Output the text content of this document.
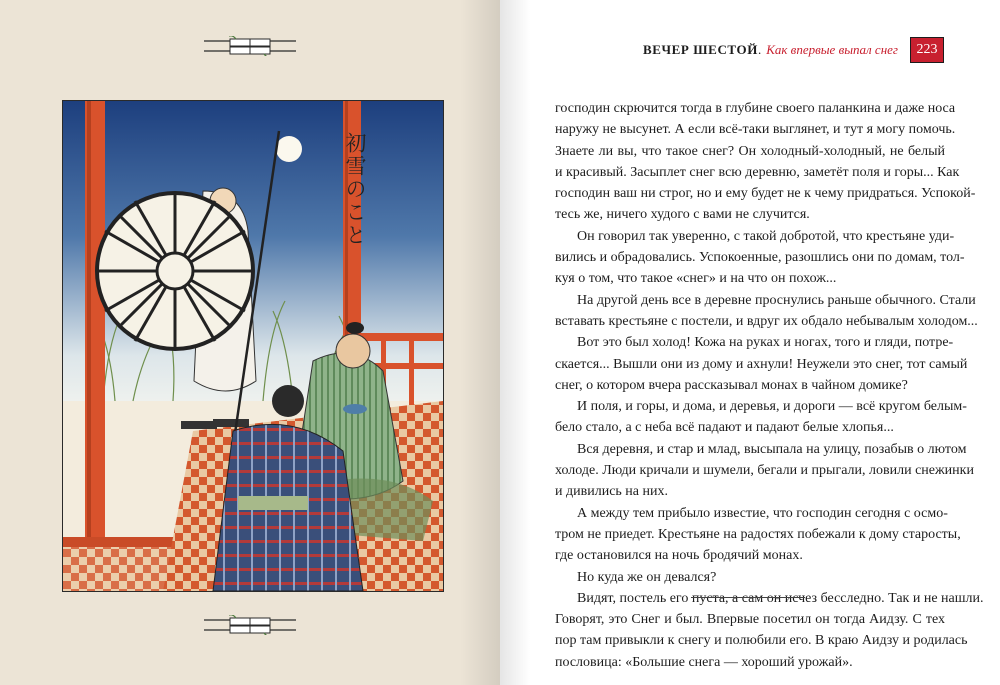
初雪のこと
ВЕЧЕР ШЕСТОЙ . Как впервые выпал снег	223
господин скрючится тогда в глубине своего паланкина и даже носа
наружу не высунет. А если всё-таки выглянет, и тут я могу помочь.
Знаете ли вы, что такое снег? Он холодный-холодный, не белый
и красивый. Засыплет снег всю деревню, заметёт поля и горы... Как
господин ваш ни строг, но и ему будет не к чему придраться. Успокой-
тесь же, ничего худого с вами не случится.
Он говорил так уверенно, с такой добротой, что крестьяне уди-
вились и обрадовались. Успокоенные, разошлись они по домам, тол-
куя о том, что такое «снег» и на что он похож...
На другой день все в деревне проснулись раньше обычного. Стали
вставать крестьяне с постели, и вдруг их обдало небывалым холодом...
Вот это был холод! Кожа на руках и ногах, того и гляди, потре-
скается... Вышли они из дому и ахнули! Неужели это снег, тот самый
снег, о котором вчера рассказывал монах в чайном домике?
И поля, и горы, и дома, и деревья, и дороги — всё кругом белым-
бело стало, а с неба всё падают и падают белые хлопья...
Вся деревня, и стар и млад, высыпала на улицу, позабыв о лютом
холоде. Люди кричали и шумели, бегали и прыгали, ловили снежинки
и дивились на них.
А между тем прибыло известие, что господин сегодня с осмо-
тром не приедет. Крестьяне на радостях побежали к дому старосты,
где остановился на ночь бродячий монах.
Но куда же он девался?
Видят, постель его пуста, а сам он исчез бесследно. Так и не нашли.
Говорят, это Снег и был. Впервые посетил он тогда Аидзу. С тех
пор там привыкли к снегу и полюбили его. В краю Аидзу и родилась
пословица: «Большие снега — хороший урожай».
